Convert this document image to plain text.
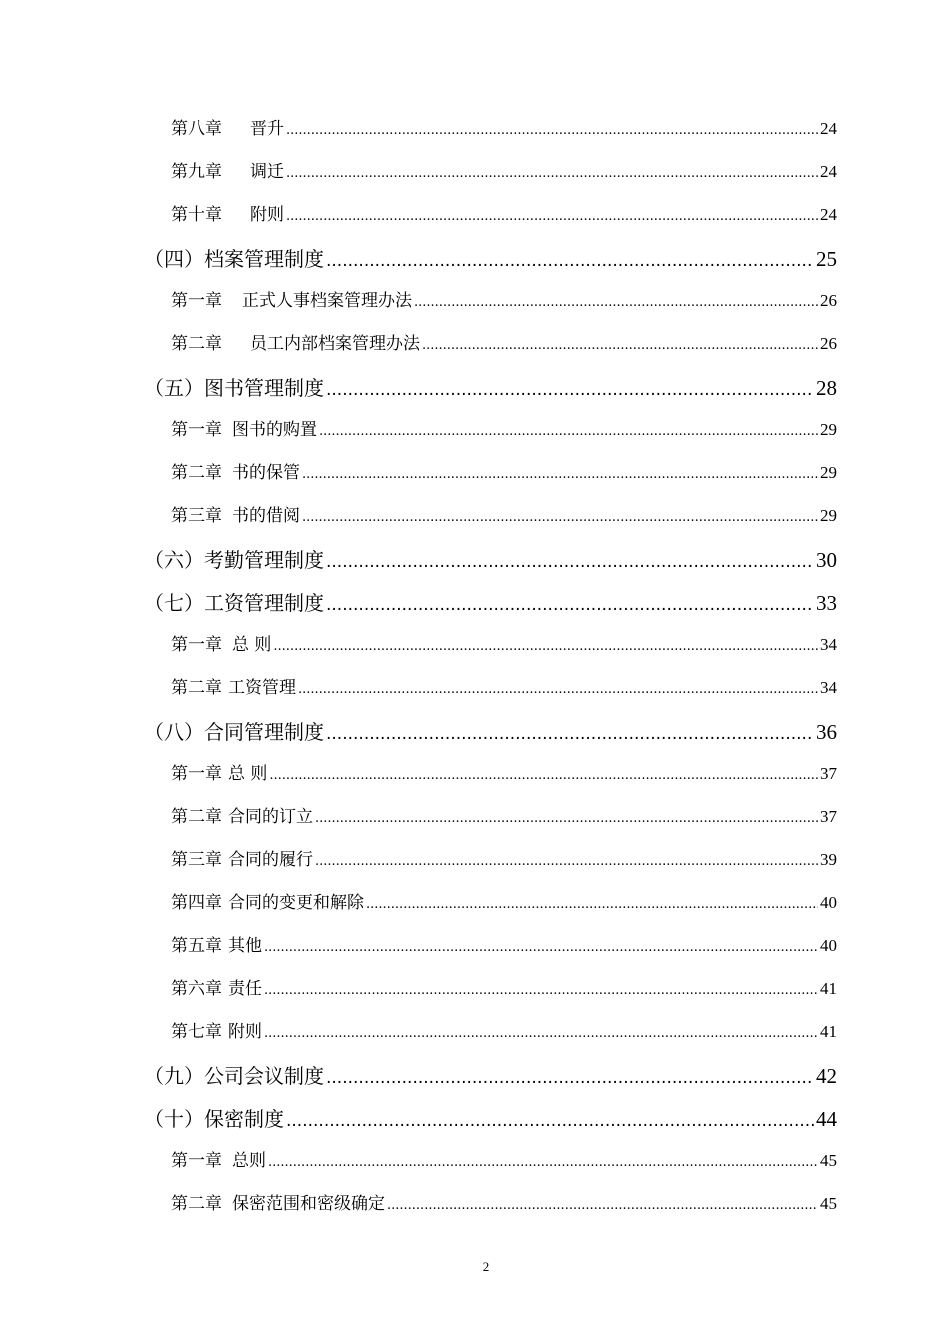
第八章 晋升 .....	24
第九章 调迁 .....	24
第十章 附则 .....	24
（四）档案管理制度 .....	25
第一章 正式人事档案管理办法 .....	26
第二章 员工内部档案管理办法 .....	26
（五）图书管理制度 .....	28
第一章 图书的购置 .....	29
第二章 书的保管 .....	29
第三章 书的借阅 .....	29
（六）考勤管理制度 .....	30
（七）工资管理制度 .....	33
第一章 总 则 .....	34
第二章 工资管理 .....	34
（八）合同管理制度 .....	36
第一章 总 则 .....	37
第二章 合同的订立 .....	37
第三章 合同的履行 .....	39
第四章 合同的变更和解除 .....	40
第五章 其他 .....	40
第六章 责任 .....	41
第七章 附则 .....	41
（九）公司会议制度 .....	42
（十）保密制度 .....	44
第一章 总则 .....	45
第二章 保密范围和密级确定 .....	45
2
